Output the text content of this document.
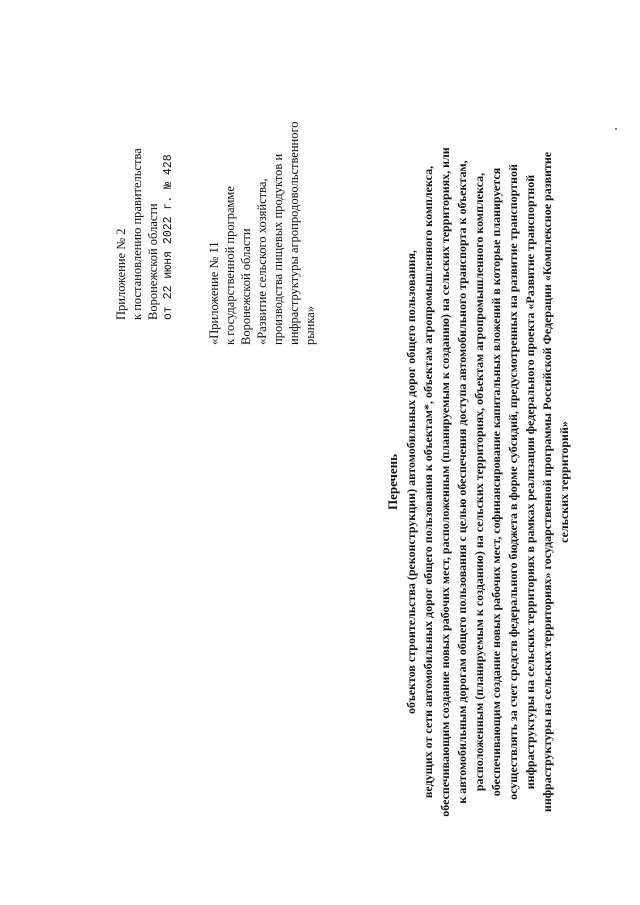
Приложение № 2 к постановлению правительства Воронежской области от 22 июня 2022 г. № 428	«Приложение № 11 к государственной программе Воронежской области «Развитие сельского хозяйства, производства пищевых продуктов и инфраструктуры агропродовольственного рынка»
Перечень объектов строительства (реконструкции) автомобильных дорог общего пользования, ведущих от сети автомобильных дорог общего пользования к объектам*, объектам агропромышленного комплекса, обеспечивающим создание новых рабочих мест, расположенным (планируемым к созданию) на сельских территориях, или к автомобильным дорогам общего пользования с целью обеспечения доступа автомобильного транспорта к объектам, расположенным (планируемым к созданию) на сельских территориях, объектам агропромышленного комплекса, обеспечивающим создание новых рабочих мест, софинансирование капитальных вложений в которые планируется осуществлять за счет средств федерального бюджета в форме субсидий, предусмотренных на развитие транспортной инфраструктуры на сельских территориях в рамках реализации федерального проекта «Развитие транспортной инфраструктуры на сельских территориях» государственной программы Российской Федерации «Комплексное развитие сельских территорий»
